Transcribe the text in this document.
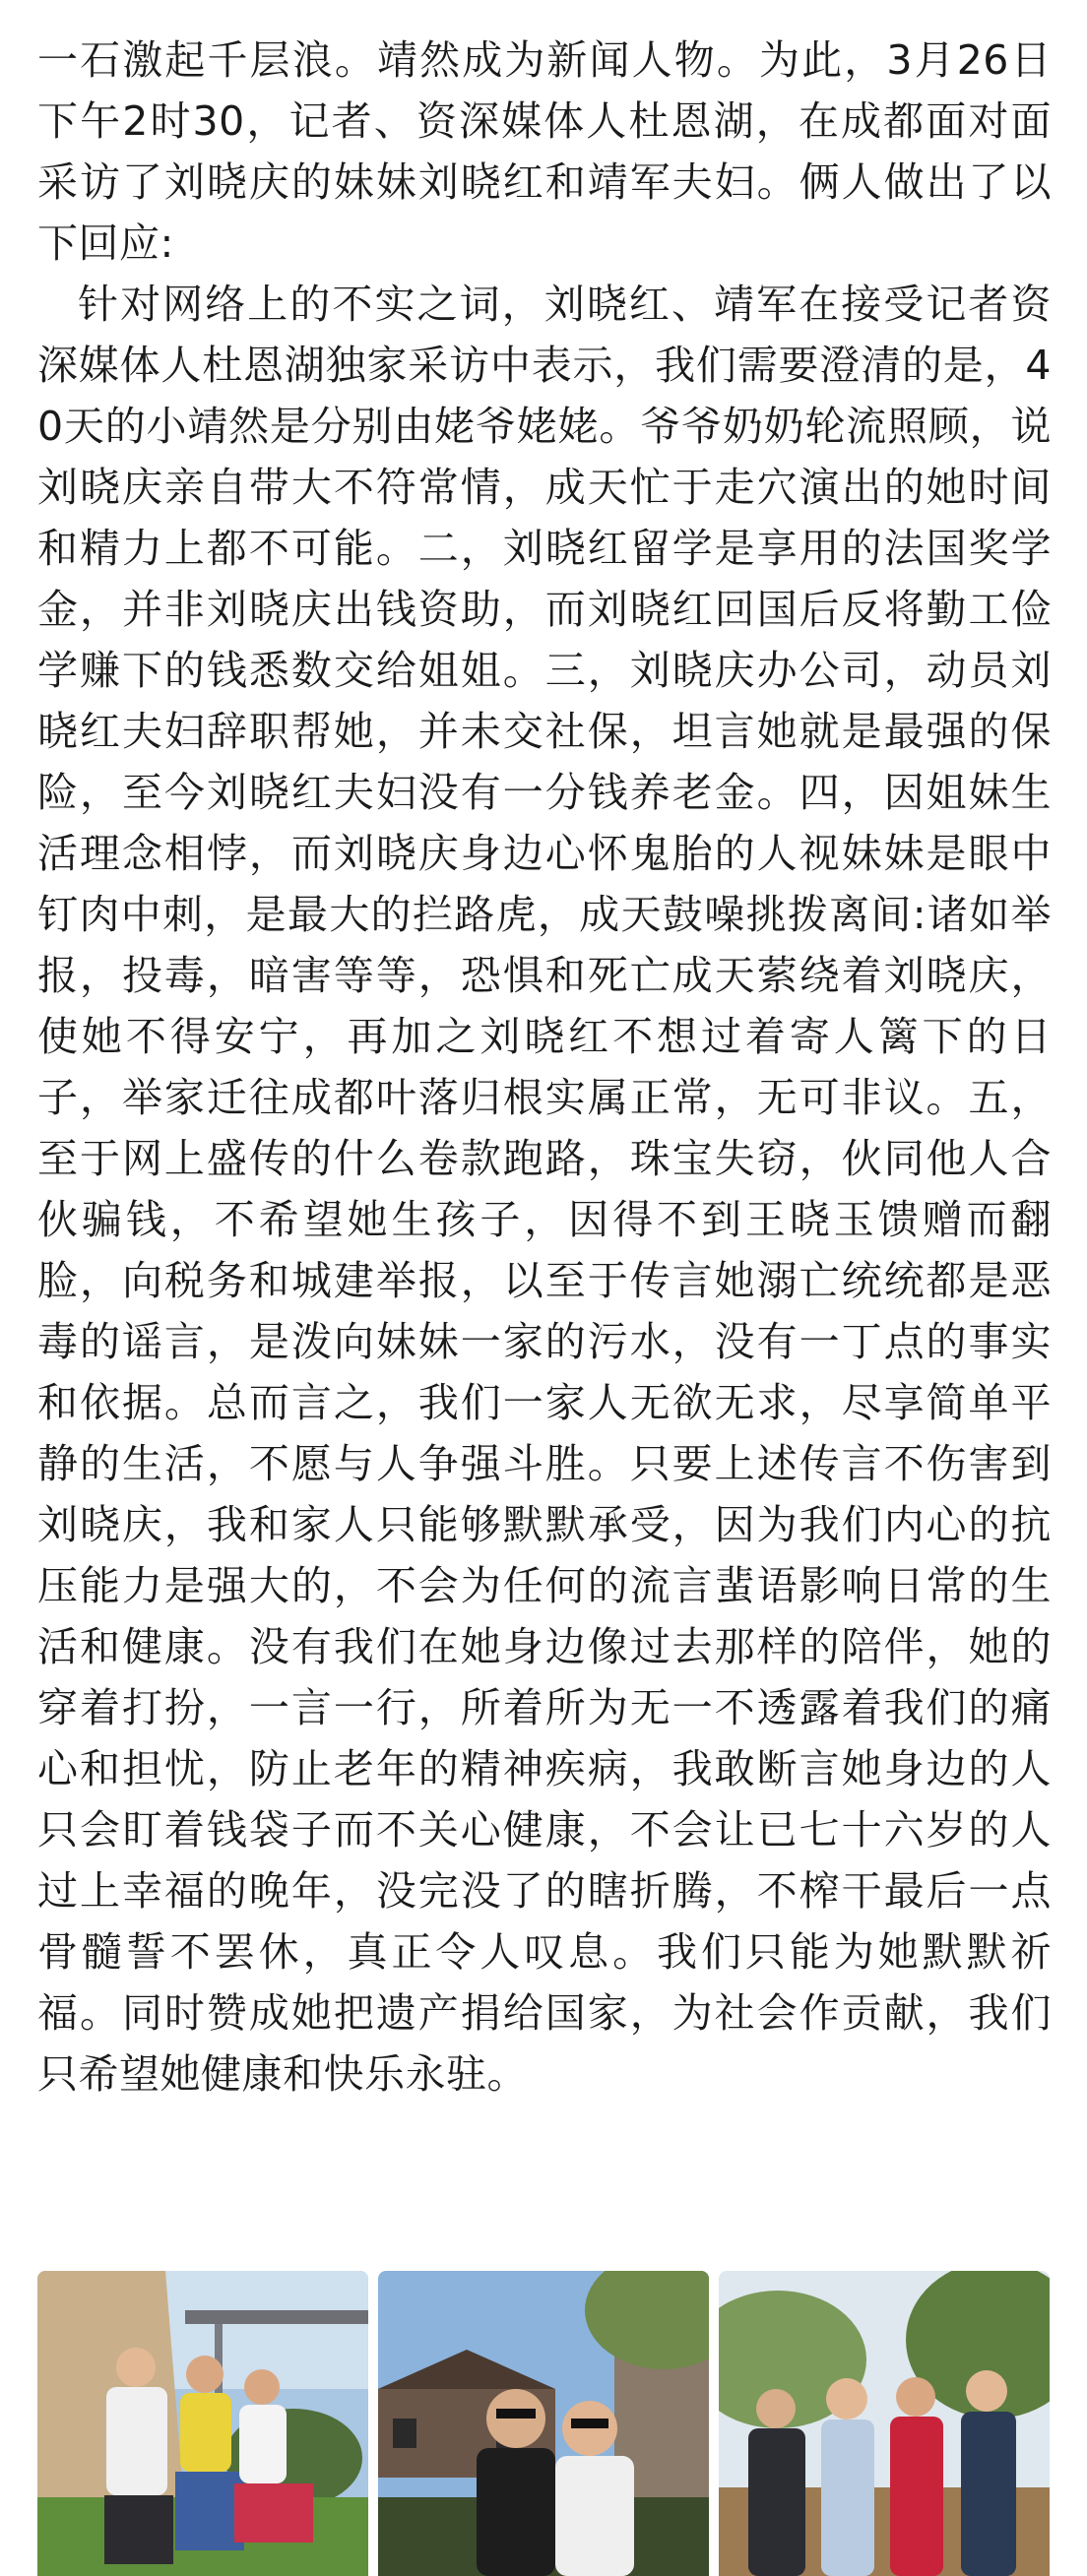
一石激起千层浪。靖然成为新闻人物。为此，3月26日下午2时30，记者、资深媒体人杜恩湖，在成都面对面采访了刘晓庆的妹妹刘晓红和靖军夫妇。俩人做出了以下回应:

针对网络上的不实之词，刘晓红、靖军在接受记者资深媒体人杜恩湖独家采访中表示，我们需要澄清的是，40天的小靖然是分别由姥爷姥姥。爷爷奶奶轮流照顾，说刘晓庆亲自带大不符常情，成天忙于走穴演出的她时间和精力上都不可能。二，刘晓红留学是享用的法国奖学金，并非刘晓庆出钱资助，而刘晓红回国后反将勤工俭学赚下的钱悉数交给姐姐。三，刘晓庆办公司，动员刘晓红夫妇辞职帮她，并未交社保，坦言她就是最强的保险，至今刘晓红夫妇没有一分钱养老金。四，因姐妹生活理念相悖，而刘晓庆身边心怀鬼胎的人视妹妹是眼中钉肉中刺，是最大的拦路虎，成天鼓噪挑拨离间:诸如举报，投毒，暗害等等，恐惧和死亡成天萦绕着刘晓庆，使她不得安宁，再加之刘晓红不想过着寄人篱下的日子，举家迁往成都叶落归根实属正常，无可非议。五，至于网上盛传的什么卷款跑路，珠宝失窃，伙同他人合伙骗钱，不希望她生孩子，因得不到王晓玉馈赠而翻脸，向税务和城建举报，以至于传言她溺亡统统都是恶毒的谣言，是泼向妹妹一家的污水，没有一丁点的事实和依据。总而言之，我们一家人无欲无求，尽享简单平静的生活，不愿与人争强斗胜。只要上述传言不伤害到刘晓庆，我和家人只能够默默承受，因为我们内心的抗压能力是强大的，不会为任何的流言蜚语影响日常的生活和健康。没有我们在她身边像过去那样的陪伴，她的穿着打扮，一言一行，所着所为无一不透露着我们的痛心和担忧，防止老年的精神疾病，我敢断言她身边的人只会盯着钱袋子而不关心健康，不会让已七十六岁的人过上幸福的晚年，没完没了的瞎折腾，不榨干最后一点骨髓誓不罢休，真正令人叹息。我们只能为她默默祈福。同时赞成她把遗产捐给国家，为社会作贡献，我们只希望她健康和快乐永驻。
